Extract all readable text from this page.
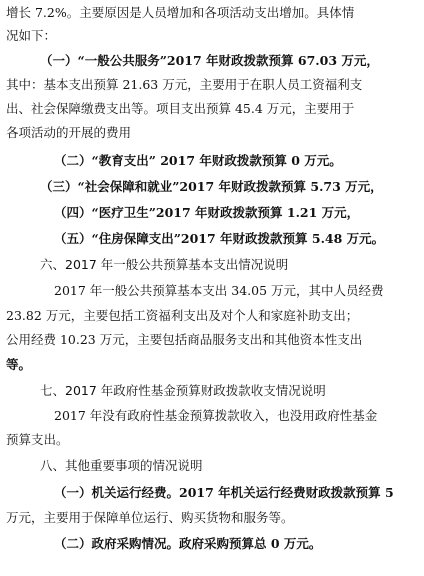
增长 7.2%。主要原因是人员增加和各项活动支出增加。具体情
况如下：
（一）“一般公共服务”2017 年财政拨款预算 67.03 万元，
其中：基本支出预算 21.63 万元，主要用于在职人员工资福利支
出、社会保障缴费支出等。项目支出预算 45.4 万元，主要用于
各项活动的开展的费用
（二）“教育支出” 2017 年财政拨款预算 0 万元。
（三）“社会保障和就业”2017 年财政拨款预算 5.73 万元，
（四）“医疗卫生”2017 年财政拨款预算 1.21 万元，
（五）“住房保障支出”2017 年财政拨款预算 5.48 万元。
六、2017 年一般公共预算基本支出情况说明
2017 年一般公共预算基本支出 34.05 万元，其中人员经费
23.82 万元，主要包括工资福利支出及对个人和家庭补助支出；
公用经费 10.23 万元，主要包括商品服务支出和其他资本性支出
等。
七、2017 年政府性基金预算财政拨款收支情况说明
2017 年没有政府性基金预算拨款收入，也没用政府性基金
预算支出。
八、其他重要事项的情况说明
（一）机关运行经费。2017 年机关运行经费财政拨款预算 5
万元，主要用于保障单位运行、购买货物和服务等。
（二）政府采购情况。政府采购预算总 0 万元。
